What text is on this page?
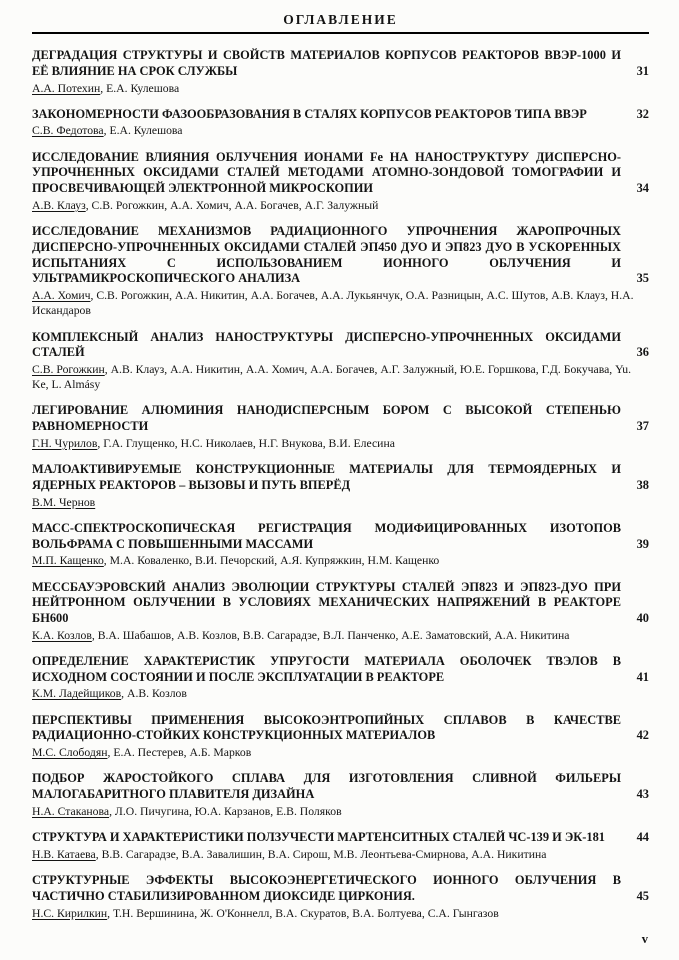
ОГЛАВЛЕНИЕ
ДЕГРАДАЦИЯ СТРУКТУРЫ И СВОЙСТВ МАТЕРИАЛОВ КОРПУСОВ РЕАКТОРОВ ВВЭР-1000 И ЕЁ ВЛИЯНИЕ НА СРОК СЛУЖБЫ	31

А.А. Потехин, Е.А. Кулешова

ЗАКОНОМЕРНОСТИ ФАЗООБРАЗОВАНИЯ В СТАЛЯХ КОРПУСОВ РЕАКТОРОВ ТИПА ВВЭР	32

С.В. Федотова, Е.А. Кулешова

ИССЛЕДОВАНИЕ ВЛИЯНИЯ ОБЛУЧЕНИЯ ИОНАМИ Fe НА НАНОСТРУКТУРУ ДИСПЕРСНО-УПРОЧНЕННЫХ ОКСИДАМИ СТАЛЕЙ МЕТОДАМИ АТОМНО-ЗОНДОВОЙ ТОМОГРАФИИ И ПРОСВЕЧИВАЮЩЕЙ ЭЛЕКТРОННОЙ МИКРОСКОПИИ	34

А.В. Клауз, С.В. Рогожкин, А.А. Хомич, А.А. Богачев, А.Г. Залужный

ИССЛЕДОВАНИЕ МЕХАНИЗМОВ РАДИАЦИОННОГО УПРОЧНЕНИЯ ЖАРОПРОЧНЫХ ДИСПЕРСНО-УПРОЧНЕННЫХ ОКСИДАМИ СТАЛЕЙ ЭП450 ДУО И ЭП823 ДУО В УСКОРЕННЫХ ИСПЫТАНИЯХ С ИСПОЛЬЗОВАНИЕМ ИОННОГО ОБЛУЧЕНИЯ И УЛЬТРАМИКРОСКОПИЧЕСКОГО АНАЛИЗА	35

А.А. Хомич, С.В. Рогожкин, А.А. Никитин, А.А. Богачев, А.А. Лукьянчук, О.А. Разницын, А.С. Шутов, А.В. Клауз, Н.А. Искандаров

КОМПЛЕКСНЫЙ АНАЛИЗ НАНОСТРУКТУРЫ ДИСПЕРСНО-УПРОЧНЕННЫХ ОКСИДАМИ СТАЛЕЙ	36

С.В. Рогожкин, А.В. Клауз, А.А. Никитин, А.А. Хомич, А.А. Богачев, А.Г. Залужный, Ю.Е. Горшкова, Г.Д. Бокучава, Yu. Ke, L. Almásy

ЛЕГИРОВАНИЕ АЛЮМИНИЯ НАНОДИСПЕРСНЫМ БОРОМ С ВЫСОКОЙ СТЕПЕНЬЮ РАВНОМЕРНОСТИ	37

Г.Н. Чурилов, Г.А. Глущенко, Н.С. Николаев, Н.Г. Внукова, В.И. Елесина

МАЛОАКТИВИРУЕМЫЕ КОНСТРУКЦИОННЫЕ МАТЕРИАЛЫ ДЛЯ ТЕРМОЯДЕРНЫХ И ЯДЕРНЫХ РЕАКТОРОВ – ВЫЗОВЫ И ПУТЬ ВПЕРЁД	38

В.М. Чернов

МАСС-СПЕКТРОСКОПИЧЕСКАЯ РЕГИСТРАЦИЯ МОДИФИЦИРОВАННЫХ ИЗОТОПОВ ВОЛЬФРАМА С ПОВЫШЕННЫМИ МАССАМИ	39

М.П. Кащенко, М.А. Коваленко, В.И. Печорский, А.Я. Купряжкин, Н.М. Кащенко

МЕССБАУЭРОВСКИЙ АНАЛИЗ ЭВОЛЮЦИИ СТРУКТУРЫ СТАЛЕЙ ЭП823 И ЭП823-ДУО ПРИ НЕЙТРОННОМ ОБЛУЧЕНИИ В УСЛОВИЯХ МЕХАНИЧЕСКИХ НАПРЯЖЕНИЙ В РЕАКТОРЕ БН600	40

К.А. Козлов, В.А. Шабашов, А.В. Козлов, В.В. Сагарадзе, В.Л. Панченко, А.Е. Заматовский, А.А. Никитина

ОПРЕДЕЛЕНИЕ ХАРАКТЕРИСТИК УПРУГОСТИ МАТЕРИАЛА ОБОЛОЧЕК ТВЭЛОВ В ИСХОДНОМ СОСТОЯНИИ И ПОСЛЕ ЭКСПЛУАТАЦИИ В РЕАКТОРЕ	41

К.М. Ладейщиков, А.В. Козлов

ПЕРСПЕКТИВЫ ПРИМЕНЕНИЯ ВЫСОКОЭНТРОПИЙНЫХ СПЛАВОВ В КАЧЕСТВЕ РАДИАЦИОННО-СТОЙКИХ КОНСТРУКЦИОННЫХ МАТЕРИАЛОВ	42

М.С. Слободян, Е.А. Пестерев, А.Б. Марков

ПОДБОР ЖАРОСТОЙКОГО СПЛАВА ДЛЯ ИЗГОТОВЛЕНИЯ СЛИВНОЙ ФИЛЬЕРЫ МАЛОГАБАРИТНОГО ПЛАВИТЕЛЯ ДИЗАЙНА	43

Н.А. Стаканова, Л.О. Пичугина, Ю.А. Карзанов, Е.В. Поляков

СТРУКТУРА И ХАРАКТЕРИСТИКИ ПОЛЗУЧЕСТИ МАРТЕНСИТНЫХ СТАЛЕЙ ЧС-139 И ЭК-181	44

Н.В. Катаева, В.В. Сагарадзе, В.А. Завалишин, В.А. Сирош, М.В. Леонтьева-Смирнова, А.А. Никитина

СТРУКТУРНЫЕ ЭФФЕКТЫ ВЫСОКОЭНЕРГЕТИЧЕСКОГО ИОННОГО ОБЛУЧЕНИЯ В ЧАСТИЧНО СТАБИЛИЗИРОВАННОМ ДИОКСИДЕ ЦИРКОНИЯ.	45

Н.С. Кирилкин, Т.Н. Вершинина, Ж. О'Коннелл, В.А. Скуратов, В.А. Болтуева, С.А. Гынгазов

v
